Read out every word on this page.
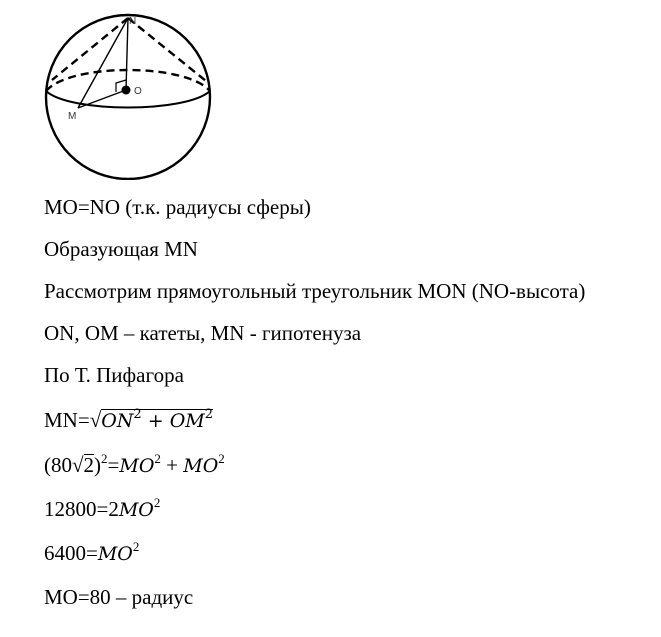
N
M
O
MO=NO (т.к. радиусы сферы)
Образующая MN
Рассмотрим прямоугольный треугольник MON (NO-высота)
ON, OM – катеты, MN - гипотенуза
По Т. Пифагора
$MN=√ON^2 + OM^2$
$(80√2)^2=MO^2 + MO^2$
$12800=2MO^2$
$6400=MO^2$
MO=80 – радиус
